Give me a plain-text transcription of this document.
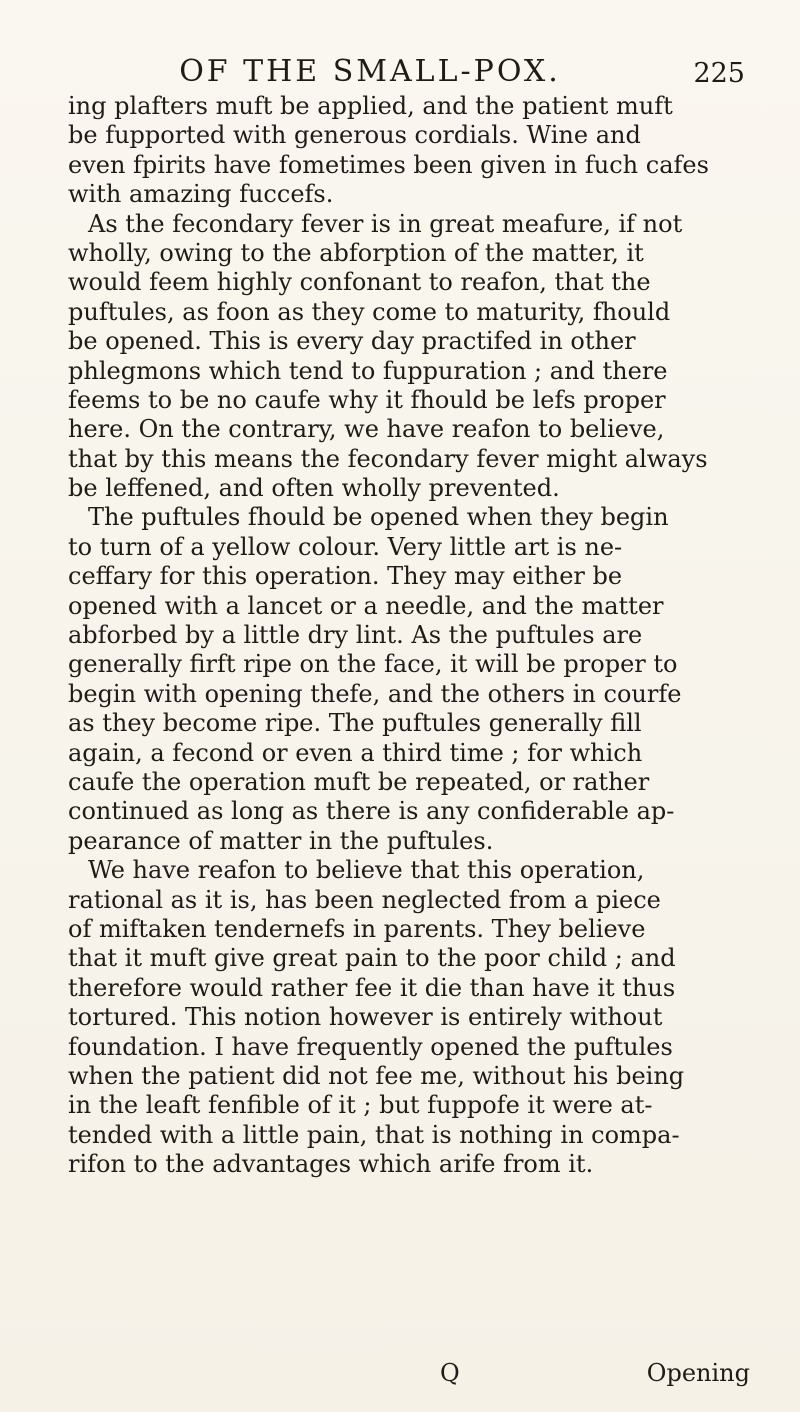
OF THE SMALL-POX.	225
ing plafters muft be applied, and the patient muft
be fupported with generous cordials. Wine and
even fpirits have fometimes been given in fuch cafes
with amazing fuccefs.
As the fecondary fever is in great meafure, if not
wholly, owing to the abforption of the matter, it
would feem highly confonant to reafon, that the
puftules, as foon as they come to maturity, fhould
be opened. This is every day practifed in other
phlegmons which tend to fuppuration ; and there
feems to be no caufe why it fhould be lefs proper
here. On the contrary, we have reafon to believe,
that by this means the fecondary fever might always
be leffened, and often wholly prevented.
The puftules fhould be opened when they begin
to turn of a yellow colour. Very little art is ne-
ceffary for this operation. They may either be
opened with a lancet or a needle, and the matter
abforbed by a little dry lint. As the puftules are
generally firft ripe on the face, it will be proper to
begin with opening thefe, and the others in courfe
as they become ripe. The puftules generally fill
again, a fecond or even a third time ; for which
caufe the operation muft be repeated, or rather
continued as long as there is any confiderable ap-
pearance of matter in the puftules.
We have reafon to believe that this operation,
rational as it is, has been neglected from a piece
of miftaken tendernefs in parents. They believe
that it muft give great pain to the poor child ; and
therefore would rather fee it die than have it thus
tortured. This notion however is entirely without
foundation. I have frequently opened the puftules
when the patient did not fee me, without his being
in the leaft fenfible of it ; but fuppofe it were at-
tended with a little pain, that is nothing in compa-
rifon to the advantages which arife from it.
Q	Opening
